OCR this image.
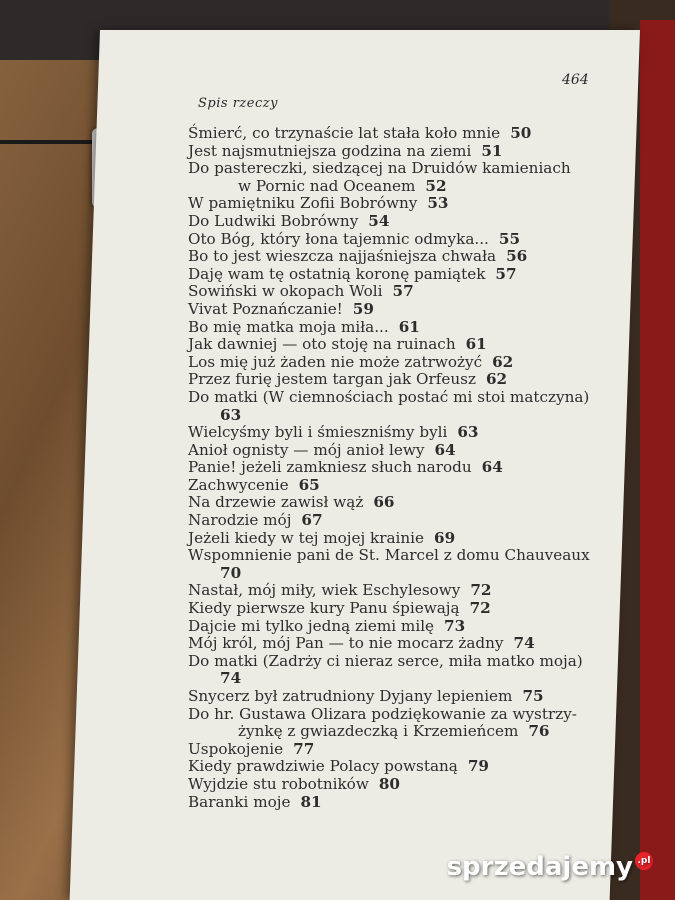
Spis rzeczy
464
Śmierć, co trzynaście lat stała koło mnie 50
Jest najsmutniejsza godzina na ziemi 51
Do pastereczki, siedzącej na Druidów kamieniach
w Pornic nad Oceanem 52
W pamiętniku Zofii Bobrówny 53
Do Ludwiki Bobrówny 54
Oto Bóg, który łona tajemnic odmyka... 55
Bo to jest wieszcza najjaśniejsza chwała 56
Daję wam tę ostatnią koronę pamiątek 57
Sowiński w okopach Woli 57
Vivat Poznańczanie! 59
Bo mię matka moja miła... 61
Jak dawniej — oto stoję na ruinach 61
Los mię już żaden nie może zatrwożyć 62
Przez furię jestem targan jak Orfeusz 62
Do matki (W ciemnościach postać mi stoi matczyna)
63
Wielcyśmy byli i śmieszniśmy byli 63
Anioł ognisty — mój anioł lewy 64
Panie! jeżeli zamkniesz słuch narodu 64
Zachwycenie 65
Na drzewie zawisł wąż 66
Narodzie mój 67
Jeżeli kiedy w tej mojej krainie 69
Wspomnienie pani de St. Marcel z domu Chauveaux
70
Nastał, mój miły, wiek Eschylesowy 72
Kiedy pierwsze kury Panu śpiewają 72
Dajcie mi tylko jedną ziemi milę 73
Mój król, mój Pan — to nie mocarz żadny 74
Do matki (Zadrży ci nieraz serce, miła matko moja)
74
Snycerz był zatrudniony Dyjany lepieniem 75
Do hr. Gustawa Olizara podziękowanie za wystrzy-
żynkę z gwiazdeczką i Krzemieńcem 76
Uspokojenie 77
Kiedy prawdziwie Polacy powstaną 79
Wyjdzie stu robotników 80
Baranki moje 81
sprzedajemy .pl
